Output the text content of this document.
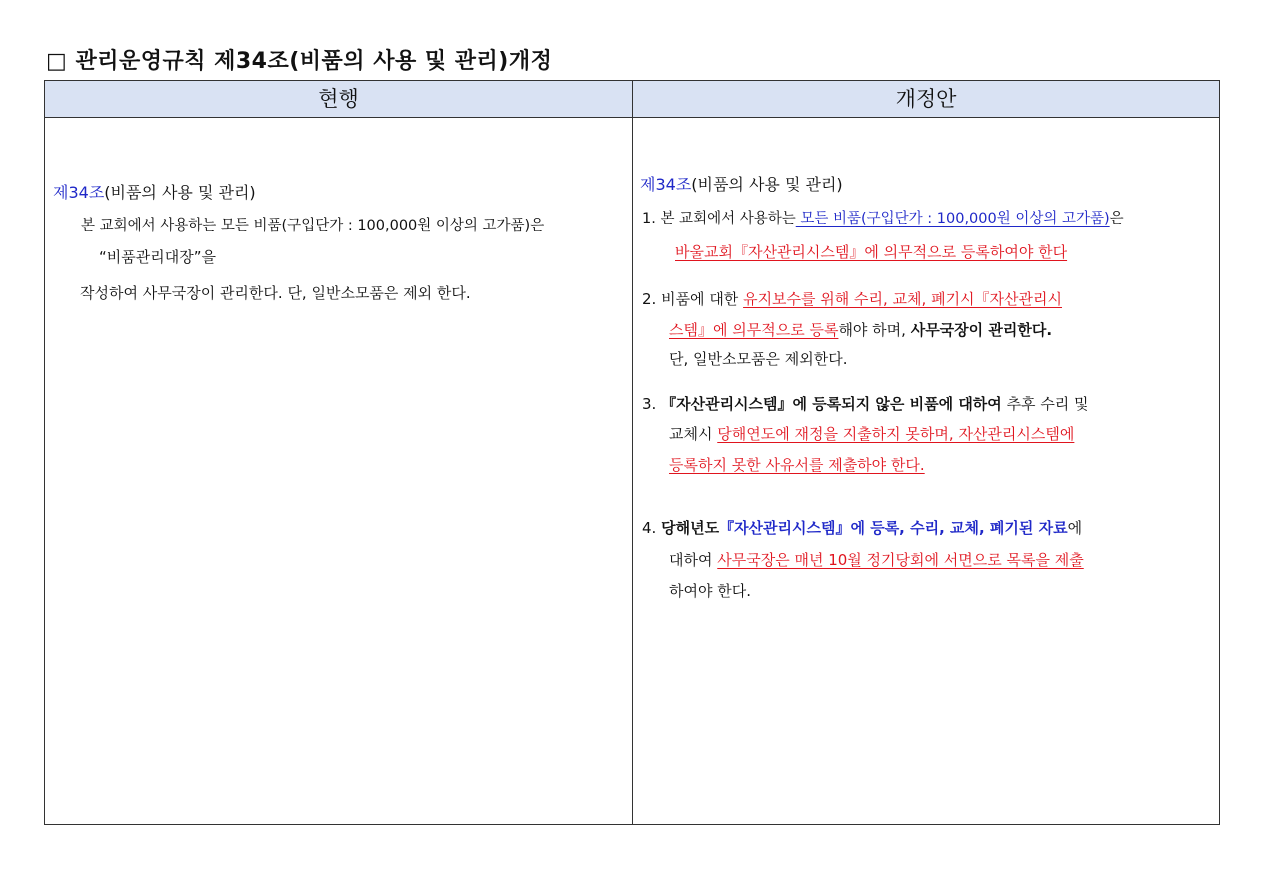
□ 관리운영규칙 제34조(비품의 사용 및 관리)개정
현행	개정안
제34조(비품의 사용 및 관리)
본 교회에서 사용하는 모든 비품(구입단가 : 100,000원 이상의 고가품)은
“비품관리대장”을
작성하여 사무국장이 관리한다. 단, 일반소모품은 제외 한다.
제34조(비품의 사용 및 관리)
1. 본 교회에서 사용하는 모든 비품(구입단가 : 100,000원 이상의 고가품)은
바울교회『자산관리시스템』에 의무적으로 등록하여야 한다
2. 비품에 대한 유지보수를 위해 수리, 교체, 폐기시『자산관리시
스템』에 의무적으로 등록해야 하며, 사무국장이 관리한다.
단, 일반소모품은 제외한다.
3. 『자산관리시스템』에 등록되지 않은 비품에 대하여 추후 수리 및
교체시 당해연도에 재정을 지출하지 못하며, 자산관리시스템에
등록하지 못한 사유서를 제출하야 한다.
4. 당해년도『자산관리시스템』에 등록, 수리, 교체, 폐기된 자료에
대하여 사무국장은 매년 10월 정기당회에 서면으로 목록을 제출
하여야 한다.
